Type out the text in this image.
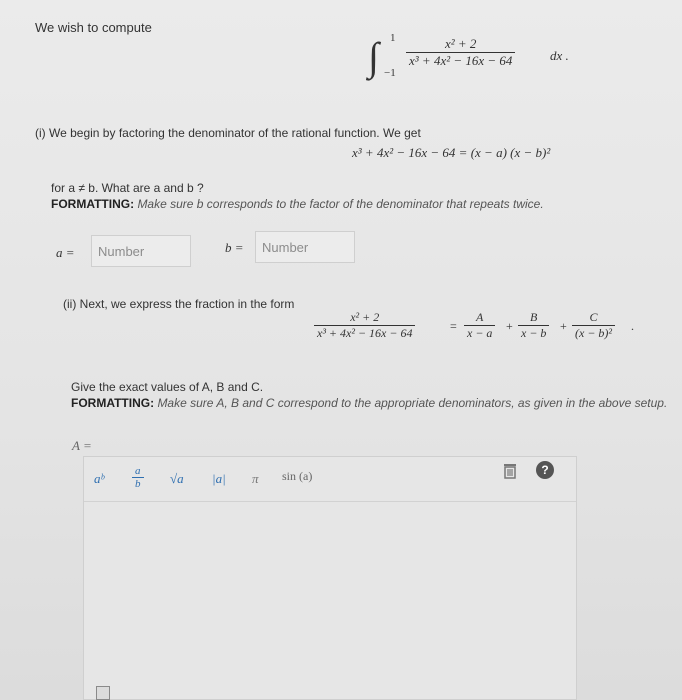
We wish to compute
∫ 1
−1
$\frac{\text{x² + 2}}{\text{x³ + 4x² − 16x − 64}}$	dx .
(i) We begin by factoring the denominator of the rational function. We get
x³ + 4x² − 16x − 64 = (x − a) (x − b)²
for a ≠ b. What are a and b ?
FORMATTING: Make sure b corresponds to the factor of the denominator that repeats twice.
a =	Number	b =	Number
(ii) Next, we express the fraction in the form
$\frac{\text{x² + 2}}{\text{x³ + 4x² − 16x − 64}}$	= $\frac{A}{x - a} + \frac{B}{x - b} + \frac{C}{\text{(x − b)²}}$ .
Give the exact values of A, B and C.
FORMATTING: Make sure A, B and C correspond to the appropriate denominators, as given in the above setup.
A =
aᵇ	$\frac{a}{b} √a$ |a| π sin (a)	?
